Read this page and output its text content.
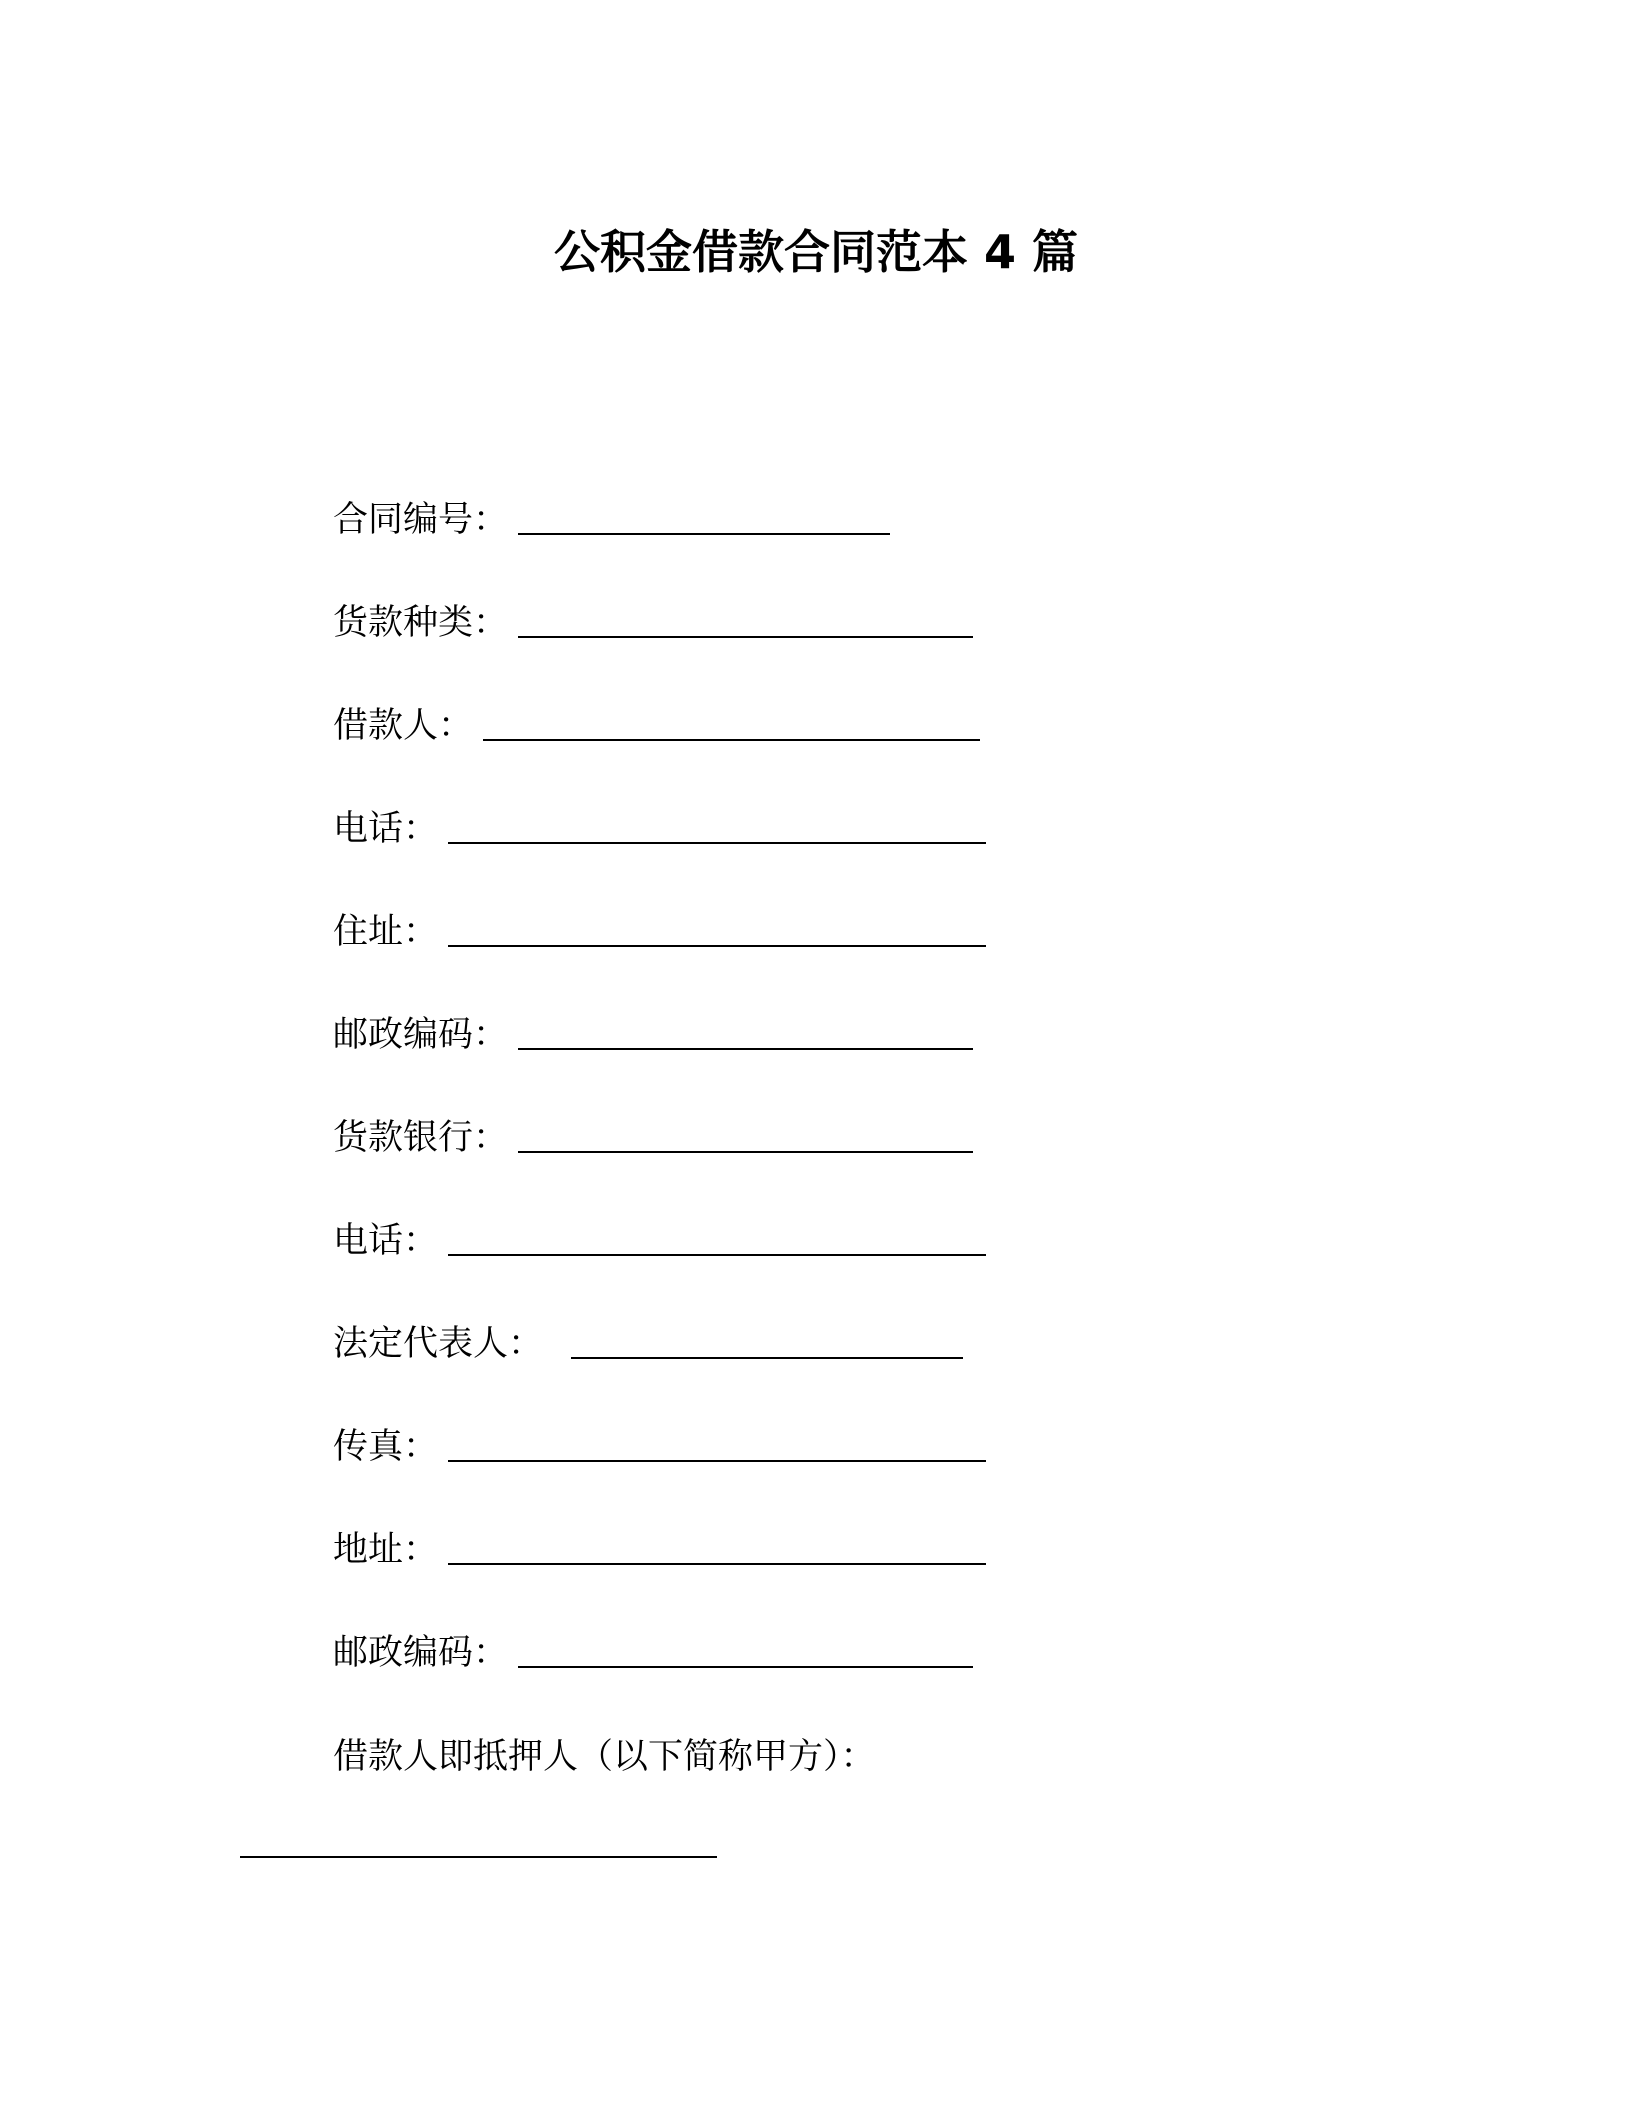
公积金借款合同范本 4 篇
合同编号：
货款种类：
借款人：
电话：
住址：
邮政编码：
货款银行：
电话：
法定代表人：
传真：
地址：
邮政编码：
借款人即抵押人（以下简称甲方）：
